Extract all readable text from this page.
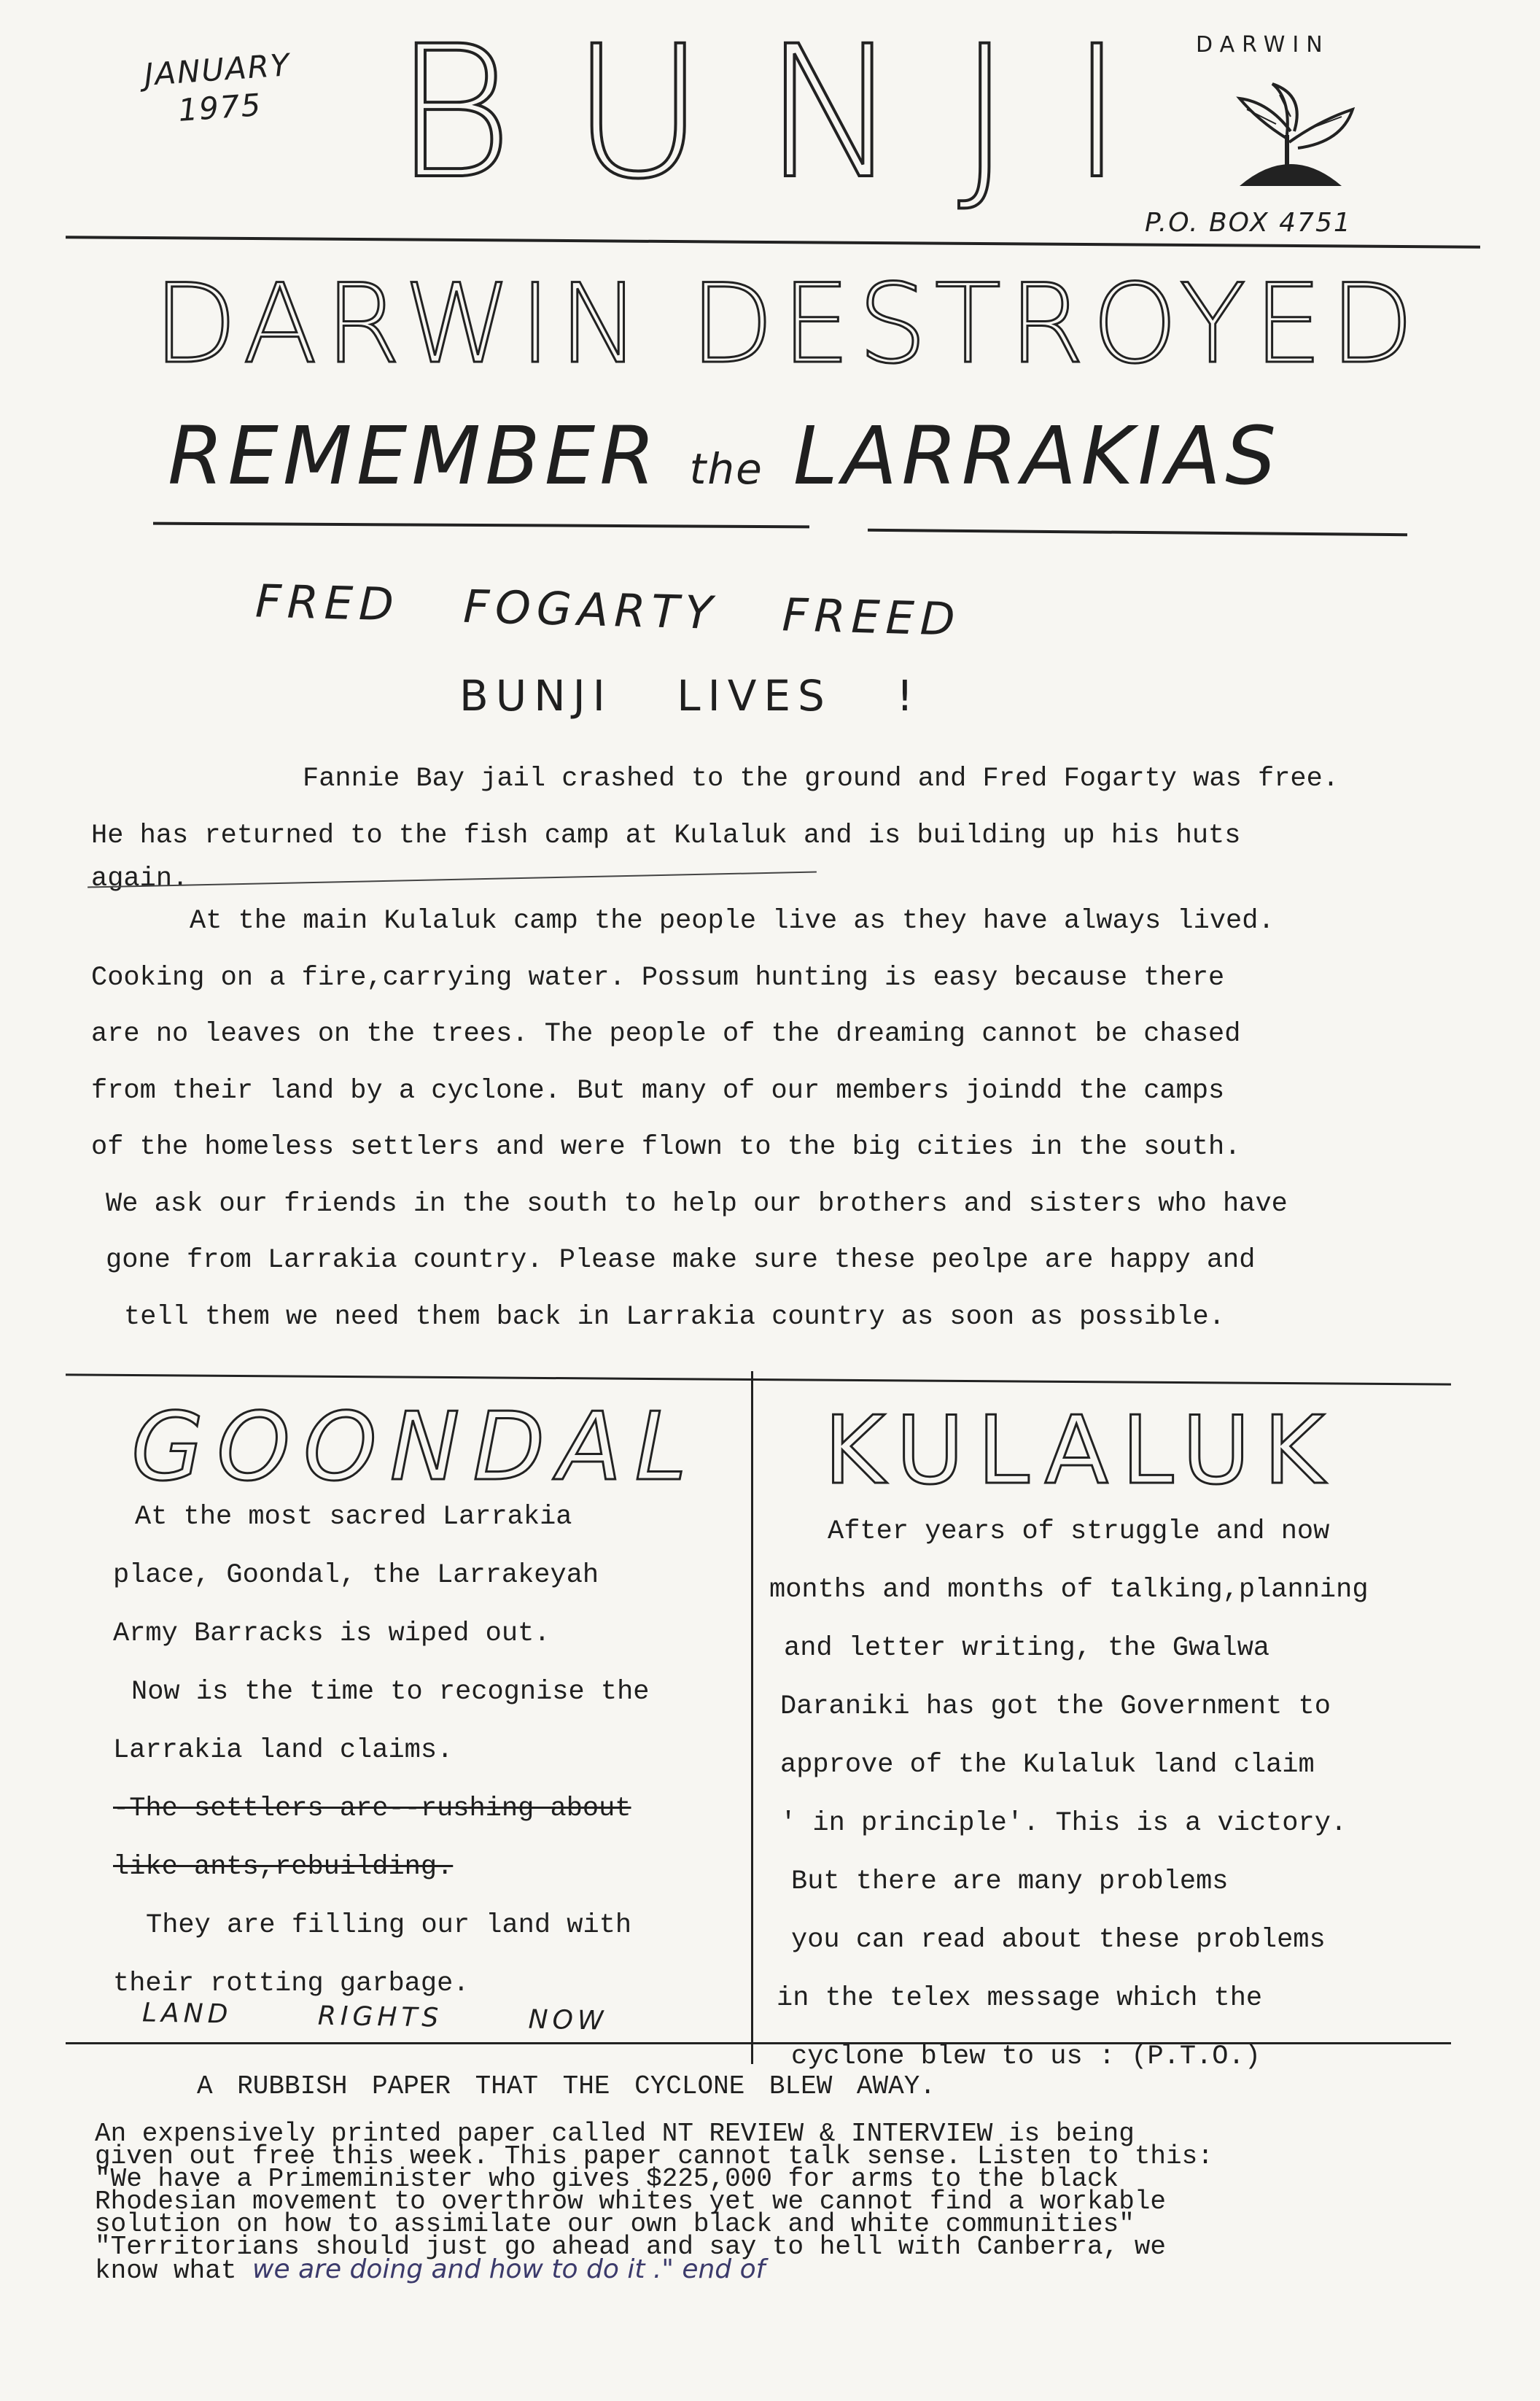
JANUARY
1975 BUNJI DARWIN
P.O. BOX 4751
DARWIN DESTROYED
REMEMBER the LARRAKIAS
FRED FOGARTY FREED
BUNJI LIVES !

Fannie Bay jail crashed to the ground and Fred Fogarty was free.

He has returned to the fish camp at Kulaluk and is building up his huts

again.

At the main Kulaluk camp the people live as they have always lived.

Cooking on a fire,carrying water. Possum hunting is easy because there

are no leaves on the trees. The people of the dreaming cannot be chased

from their land by a cyclone. But many of our members joindd the camps

of the homeless settlers and were flown to the big cities in the south.

We ask our friends in the south to help our brothers and sisters who have

gone from Larrakia country. Please make sure these peolpe are happy and

tell them we need them back in Larrakia country as soon as possible.

GOONDAL

At the most sacred Larrakia

place, Goondal, the Larrakeyah

Army Barracks is wiped out.

Now is the time to recognise the

Larrakia land claims.

-The settlers are--rushing about

like ants,rebuilding.

They are filling our land with

their rotting garbage.

LAND RIGHTS NOW
KULALUK

After years of struggle and now

months and months of talking,planning

and letter writing, the Gwalwa

Daraniki has got the Government to

approve of the Kulaluk land claim

' in principle'. This is a victory.

But there are many problems

you can read about these problems

in the telex message which the

cyclone blew to us : (P.T.O.)

A RUBBISH PAPER THAT THE CYCLONE BLEW AWAY.

An expensively printed paper called NT REVIEW & INTERVIEW is being

given out free this week. This paper cannot talk sense. Listen to this:

"We have a Primeminister who gives $225,000 for arms to the black

Rhodesian movement to overthrow whites yet we cannot find a workable

solution on how to assimilate our own black and white communities"

"Territorians should just go ahead and say to hell with Canberra, we

know what we are doing and how to do it ." end of
